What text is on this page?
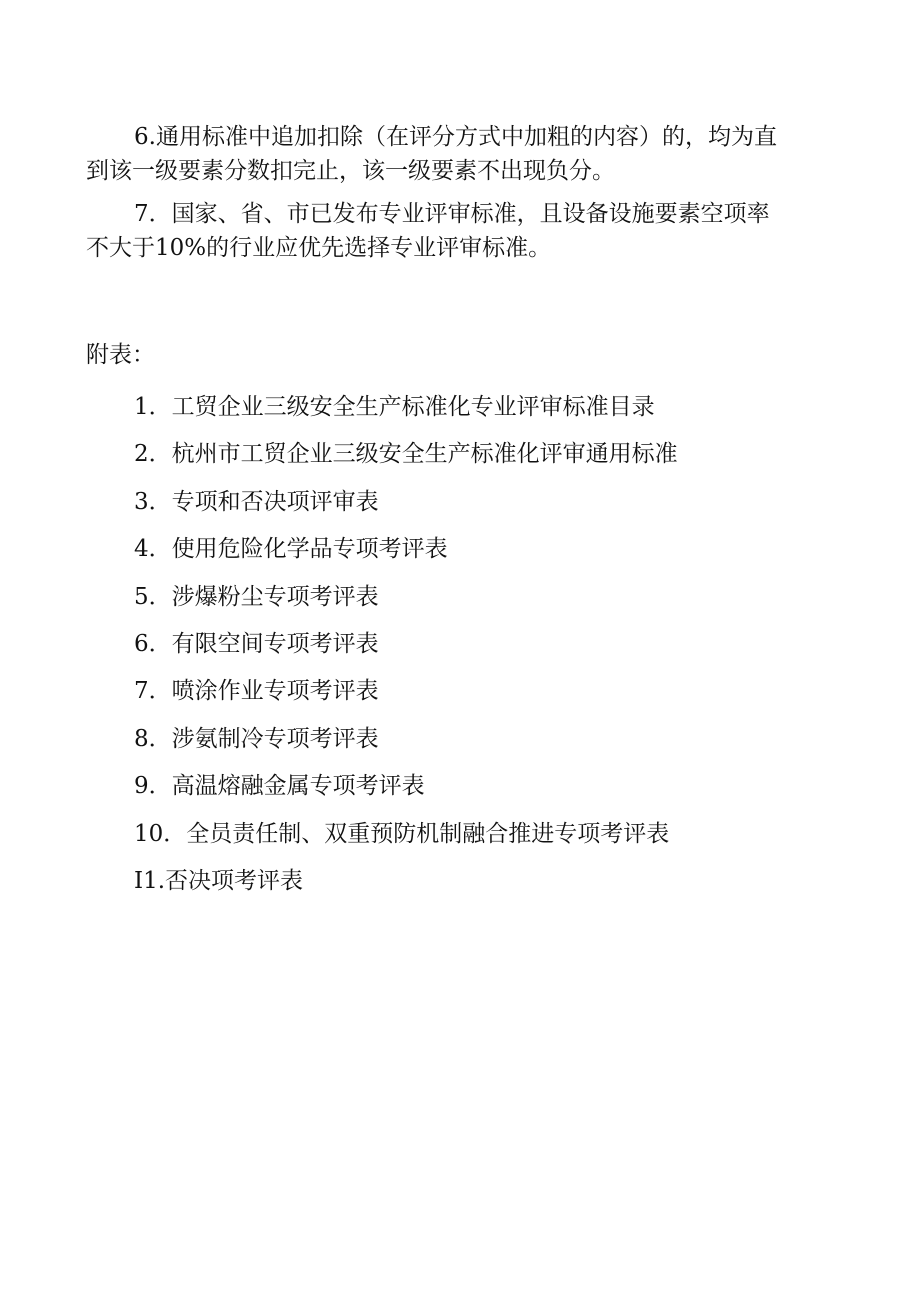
6.通用标准中追加扣除（在评分方式中加粗的内容）的，均为直
到该一级要素分数扣完止，该一级要素不出现负分。

7．国家、省、市已发布专业评审标准，且设备设施要素空项率
不大于10%的行业应优先选择专业评审标准。

附表：

1．工贸企业三级安全生产标准化专业评审标准目录
2．杭州市工贸企业三级安全生产标准化评审通用标准
3．专项和否决项评审表
4．使用危险化学品专项考评表
5．涉爆粉尘专项考评表
6．有限空间专项考评表
7．喷涂作业专项考评表
8．涉氨制冷专项考评表
9．高温熔融金属专项考评表
10．全员责任制、双重预防机制融合推进专项考评表
I1.否决项考评表
